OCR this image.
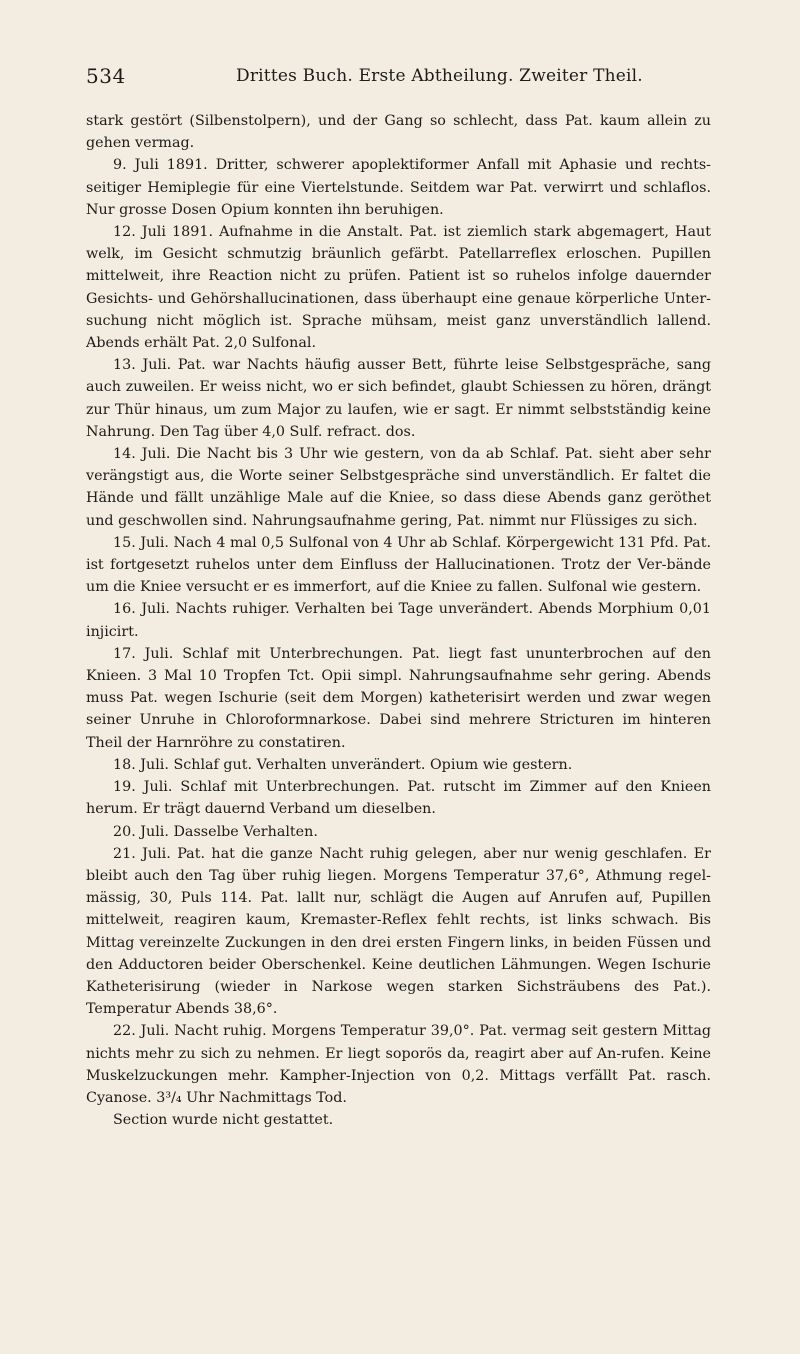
534	Drittes Buch. Erste Abtheilung. Zweiter Theil.

stark gestört (Silbenstolpern), und der Gang so schlecht, dass Pat. kaum allein zu gehen vermag.

9. Juli 1891. Dritter, schwerer apoplektiformer Anfall mit Aphasie und rechts-seitiger Hemiplegie für eine Viertelstunde. Seitdem war Pat. verwirrt und schlaflos. Nur grosse Dosen Opium konnten ihn beruhigen.

12. Juli 1891. Aufnahme in die Anstalt. Pat. ist ziemlich stark abgemagert, Haut welk, im Gesicht schmutzig bräunlich gefärbt. Patellarreflex erloschen. Pupillen mittelweit, ihre Reaction nicht zu prüfen. Patient ist so ruhelos infolge dauernder Gesichts- und Gehörshallucinationen, dass überhaupt eine genaue körperliche Unter-suchung nicht möglich ist. Sprache mühsam, meist ganz unverständlich lallend. Abends erhält Pat. 2,0 Sulfonal.

13. Juli. Pat. war Nachts häufig ausser Bett, führte leise Selbstgespräche, sang auch zuweilen. Er weiss nicht, wo er sich befindet, glaubt Schiessen zu hören, drängt zur Thür hinaus, um zum Major zu laufen, wie er sagt. Er nimmt selbstständig keine Nahrung. Den Tag über 4,0 Sulf. refract. dos.

14. Juli. Die Nacht bis 3 Uhr wie gestern, von da ab Schlaf. Pat. sieht aber sehr verängstigt aus, die Worte seiner Selbstgespräche sind unverständlich. Er faltet die Hände und fällt unzählige Male auf die Kniee, so dass diese Abends ganz geröthet und geschwollen sind. Nahrungsaufnahme gering, Pat. nimmt nur Flüssiges zu sich.

15. Juli. Nach 4 mal 0,5 Sulfonal von 4 Uhr ab Schlaf. Körpergewicht 131 Pfd. Pat. ist fortgesetzt ruhelos unter dem Einfluss der Hallucinationen. Trotz der Ver-bände um die Kniee versucht er es immerfort, auf die Kniee zu fallen. Sulfonal wie gestern.

16. Juli. Nachts ruhiger. Verhalten bei Tage unverändert. Abends Morphium 0,01 injicirt.

17. Juli. Schlaf mit Unterbrechungen. Pat. liegt fast ununterbrochen auf den Knieen. 3 Mal 10 Tropfen Tct. Opii simpl. Nahrungsaufnahme sehr gering. Abends muss Pat. wegen Ischurie (seit dem Morgen) katheterisirt werden und zwar wegen seiner Unruhe in Chloroformnarkose. Dabei sind mehrere Stricturen im hinteren Theil der Harnröhre zu constatiren.

18. Juli. Schlaf gut. Verhalten unverändert. Opium wie gestern.

19. Juli. Schlaf mit Unterbrechungen. Pat. rutscht im Zimmer auf den Knieen herum. Er trägt dauernd Verband um dieselben.

20. Juli. Dasselbe Verhalten.

21. Juli. Pat. hat die ganze Nacht ruhig gelegen, aber nur wenig geschlafen. Er bleibt auch den Tag über ruhig liegen. Morgens Temperatur 37,6°, Athmung regel-mässig, 30, Puls 114. Pat. lallt nur, schlägt die Augen auf Anrufen auf, Pupillen mittelweit, reagiren kaum, Kremaster-Reflex fehlt rechts, ist links schwach. Bis Mittag vereinzelte Zuckungen in den drei ersten Fingern links, in beiden Füssen und den Adductoren beider Oberschenkel. Keine deutlichen Lähmungen. Wegen Ischurie Katheterisirung (wieder in Narkose wegen starken Sichsträubens des Pat.). Temperatur Abends 38,6°.

22. Juli. Nacht ruhig. Morgens Temperatur 39,0°. Pat. vermag seit gestern Mittag nichts mehr zu sich zu nehmen. Er liegt soporös da, reagirt aber auf An-rufen. Keine Muskelzuckungen mehr. Kampher-Injection von 0,2. Mittags verfällt Pat. rasch. Cyanose. 3³/₄ Uhr Nachmittags Tod.

Section wurde nicht gestattet.
